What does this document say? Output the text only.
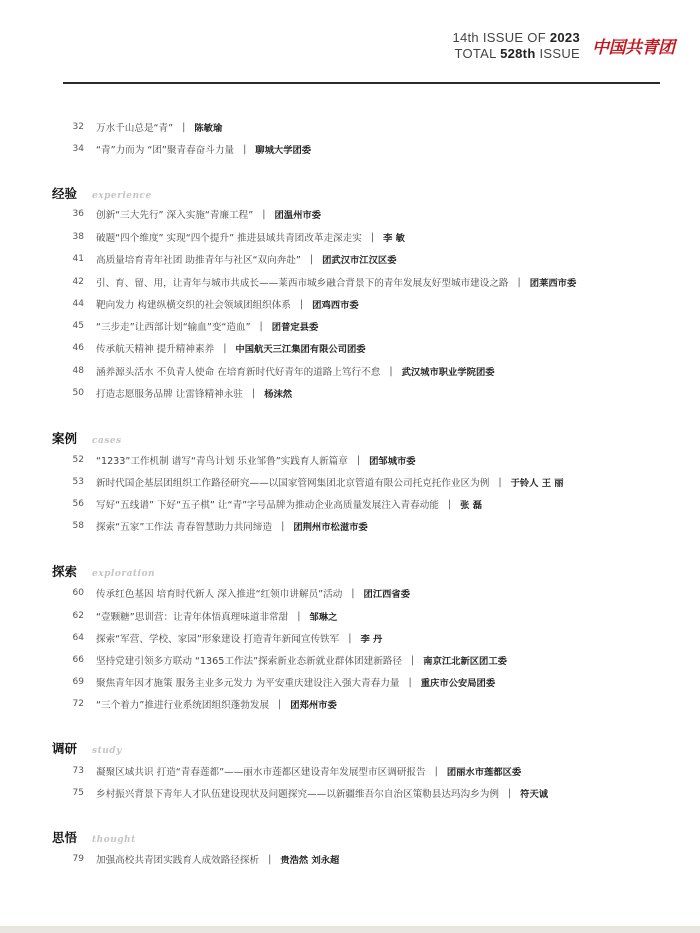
14th ISSUE OF 2023
TOTAL 528th ISSUE 中国共青团
32 万水千山总是“青” | 陈敏瑜
34 “青”力而为 “团”聚青春奋斗力量 | 聊城大学团委
经验 experience
36 创新“三大先行” 深入实施“青廉工程” | 团温州市委
38 破题“四个维度” 实现“四个提升” 推进县域共青团改革走深走实 | 李 敏
41 高质量培育青年社团 助推青年与社区“双向奔赴” | 团武汉市江汉区委
42 引、育、留、用，让青年与城市共成长——莱西市城乡融合背景下的青年发展友好型城市建设之路 | 团莱西市委
44 靶向发力 构建纵横交织的社会领域团组织体系 | 团鸡西市委
45 “三步走”让西部计划“输血”变“造血” | 团普定县委
46 传承航天精神 提升精神素养 | 中国航天三江集团有限公司团委
48 涵养源头活水 不负青人使命 在培育新时代好青年的道路上笃行不怠 | 武汉城市职业学院团委
50 打造志愿服务品牌 让雷锋精神永驻 | 杨沫然
案例 cases
52 “1233”工作机制 谱写“青鸟计划 乐业邹鲁”实践育人新篇章 | 团邹城市委
53 新时代国企基层团组织工作路径研究——以国家管网集团北京管道有限公司托克托作业区为例 | 于铃人 王 丽
56 写好“五线谱” 下好“五子棋” 让“青”字号品牌为推动企业高质量发展注入青春动能 | 张 磊
58 探索“五家”工作法 青春智慧助力共同缔造 | 团荆州市松滋市委
探索 exploration
60 传承红色基因 培育时代新人 深入推进“红领巾讲解员”活动 | 团江西省委
62 “壹颗糖”思训营：让青年体悟真理味道非常甜 | 邹琳之
64 探索“军营、学校、家园”形象建设 打造青年新闻宣传铁军 | 李 丹
66 坚持党建引领多方联动 “1365工作法”探索新业态新就业群体团建新路径 | 南京江北新区团工委
69 聚焦青年因才施策 服务主业多元发力 为平安重庆建设注入强大青春力量 | 重庆市公安局团委
72 “三个着力”推进行业系统团组织蓬勃发展 | 团郑州市委
调研 study
73 凝聚区域共识 打造“青春莲都”——丽水市莲都区建设青年发展型市区调研报告 | 团丽水市莲都区委
75 乡村振兴背景下青年人才队伍建设现状及问题探究——以新疆维吾尔自治区策勒县达玛沟乡为例 | 符天诚
思悟 thought
79 加强高校共青团实践育人成效路径探析 | 贵浩然 刘永超
